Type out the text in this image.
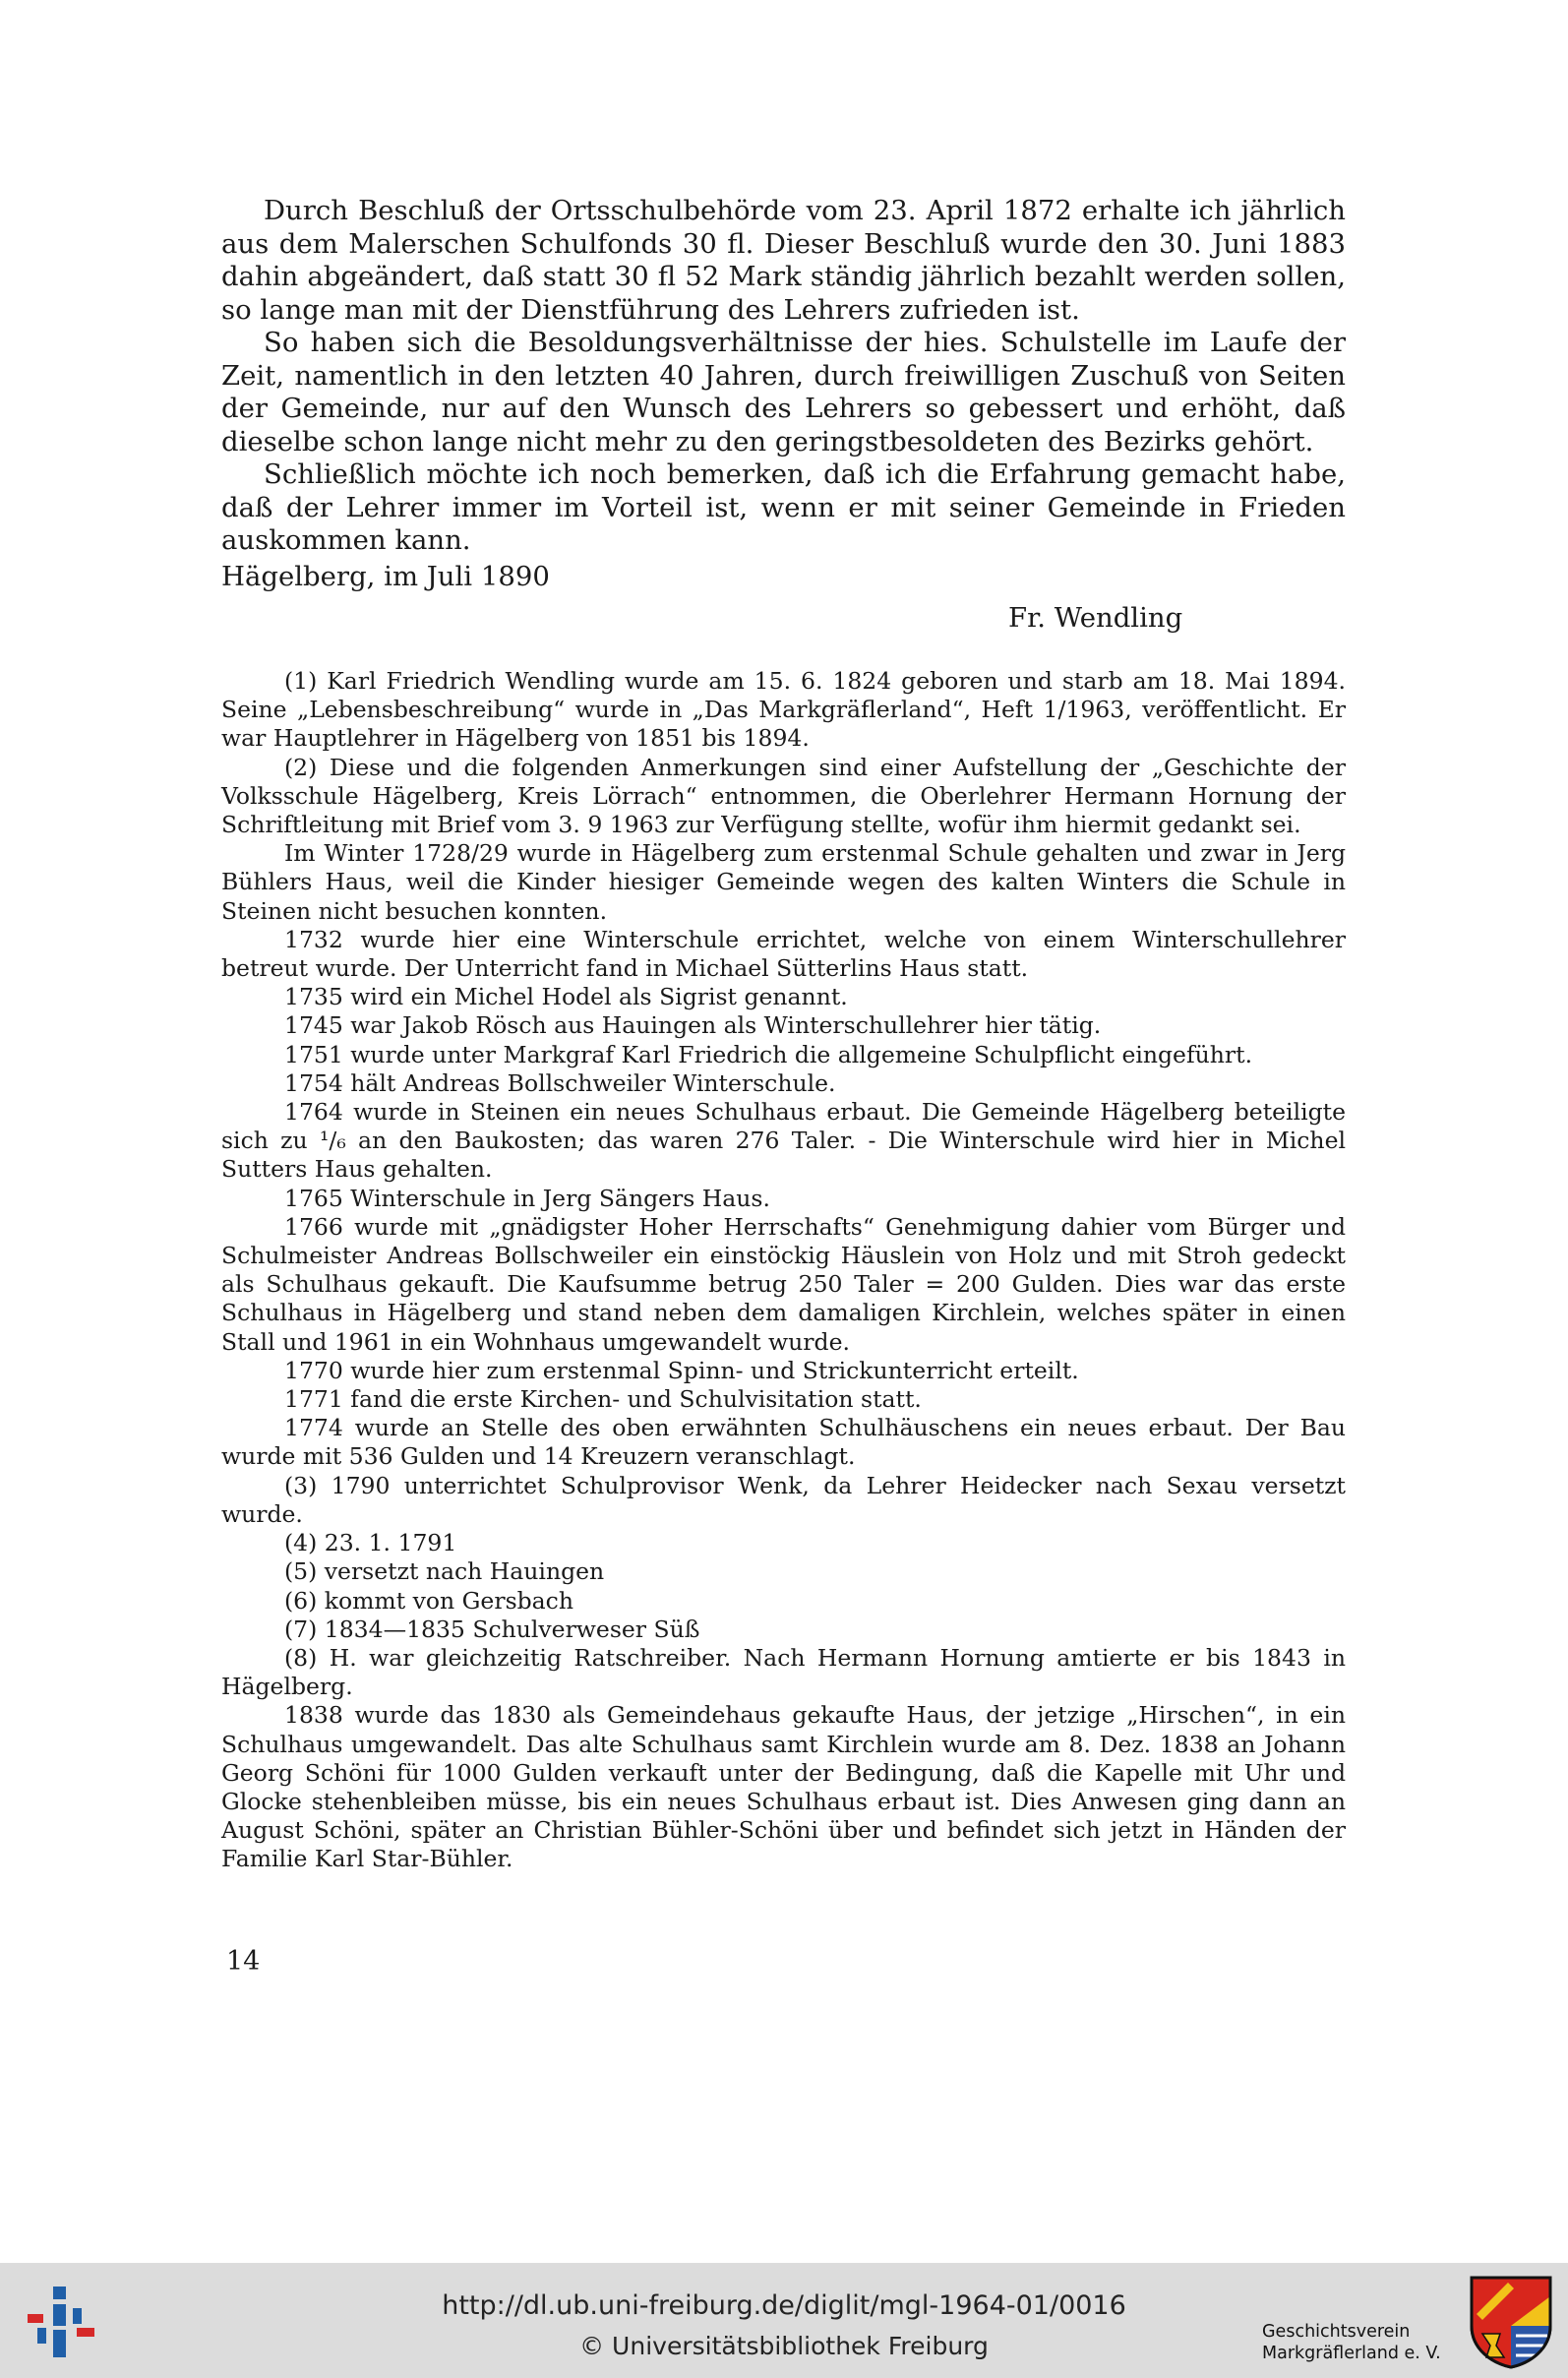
Durch Beschluß der Ortsschulbehörde vom 23. April 1872 erhalte ich jährlich aus dem Malerschen Schulfonds 30 fl. Dieser Beschluß wurde den 30. Juni 1883 dahin abgeändert, daß statt 30 fl 52 Mark ständig jährlich bezahlt werden sollen, so lange man mit der Dienstführung des Lehrers zufrieden ist.

So haben sich die Besoldungsverhältnisse der hies. Schulstelle im Laufe der Zeit, namentlich in den letzten 40 Jahren, durch freiwilligen Zuschuß von Seiten der Gemeinde, nur auf den Wunsch des Lehrers so gebessert und erhöht, daß dieselbe schon lange nicht mehr zu den geringstbesoldeten des Bezirks gehört.

Schließlich möchte ich noch bemerken, daß ich die Erfahrung gemacht habe, daß der Lehrer immer im Vorteil ist, wenn er mit seiner Gemeinde in Frieden auskommen kann.

Hägelberg, im Juli 1890
Fr. Wendling

(1) Karl Friedrich Wendling wurde am 15. 6. 1824 geboren und starb am 18. Mai 1894. Seine „Lebensbeschreibung“ wurde in „Das Markgräflerland“, Heft 1/1963, veröffentlicht. Er war Hauptlehrer in Hägelberg von 1851 bis 1894.

(2) Diese und die folgenden Anmerkungen sind einer Aufstellung der „Geschichte der Volksschule Hägelberg, Kreis Lörrach“ entnommen, die Oberlehrer Hermann Hornung der Schriftleitung mit Brief vom 3. 9 1963 zur Verfügung stellte, wofür ihm hiermit gedankt sei.

Im Winter 1728/29 wurde in Hägelberg zum erstenmal Schule gehalten und zwar in Jerg Bühlers Haus, weil die Kinder hiesiger Gemeinde wegen des kalten Winters die Schule in Steinen nicht besuchen konnten.

1732 wurde hier eine Winterschule errichtet, welche von einem Winterschullehrer betreut wurde. Der Unterricht fand in Michael Sütterlins Haus statt.

1735 wird ein Michel Hodel als Sigrist genannt.

1745 war Jakob Rösch aus Hauingen als Winterschullehrer hier tätig.

1751 wurde unter Markgraf Karl Friedrich die allgemeine Schulpflicht eingeführt.

1754 hält Andreas Bollschweiler Winterschule.

1764 wurde in Steinen ein neues Schulhaus erbaut. Die Gemeinde Hägelberg beteiligte sich zu ¹/₆ an den Baukosten; das waren 276 Taler. - Die Winterschule wird hier in Michel Sutters Haus gehalten.

1765 Winterschule in Jerg Sängers Haus.

1766 wurde mit „gnädigster Hoher Herrschafts“ Genehmigung dahier vom Bürger und Schulmeister Andreas Bollschweiler ein einstöckig Häuslein von Holz und mit Stroh gedeckt als Schulhaus gekauft. Die Kaufsumme betrug 250 Taler = 200 Gulden. Dies war das erste Schulhaus in Hägelberg und stand neben dem damaligen Kirchlein, welches später in einen Stall und 1961 in ein Wohnhaus umgewandelt wurde.

1770 wurde hier zum erstenmal Spinn- und Strickunterricht erteilt.

1771 fand die erste Kirchen- und Schulvisitation statt.

1774 wurde an Stelle des oben erwähnten Schulhäuschens ein neues erbaut. Der Bau wurde mit 536 Gulden und 14 Kreuzern veranschlagt.

(3) 1790 unterrichtet Schulprovisor Wenk, da Lehrer Heidecker nach Sexau versetzt wurde.

(4) 23. 1. 1791

(5) versetzt nach Hauingen

(6) kommt von Gersbach

(7) 1834—1835 Schulverweser Süß

(8) H. war gleichzeitig Ratschreiber. Nach Hermann Hornung amtierte er bis 1843 in Hägelberg.

1838 wurde das 1830 als Gemeindehaus gekaufte Haus, der jetzige „Hirschen“, in ein Schulhaus umgewandelt. Das alte Schulhaus samt Kirchlein wurde am 8. Dez. 1838 an Johann Georg Schöni für 1000 Gulden verkauft unter der Bedingung, daß die Kapelle mit Uhr und Glocke stehenbleiben müsse, bis ein neues Schulhaus erbaut ist. Dies Anwesen ging dann an August Schöni, später an Christian Bühler-Schöni über und befindet sich jetzt in Händen der Familie Karl Star-Bühler.

14
http://dl.ub.uni-freiburg.de/diglit/mgl-1964-01/0016
© Universitätsbibliothek Freiburg	Geschichtsverein
Markgräflerland e. V.
